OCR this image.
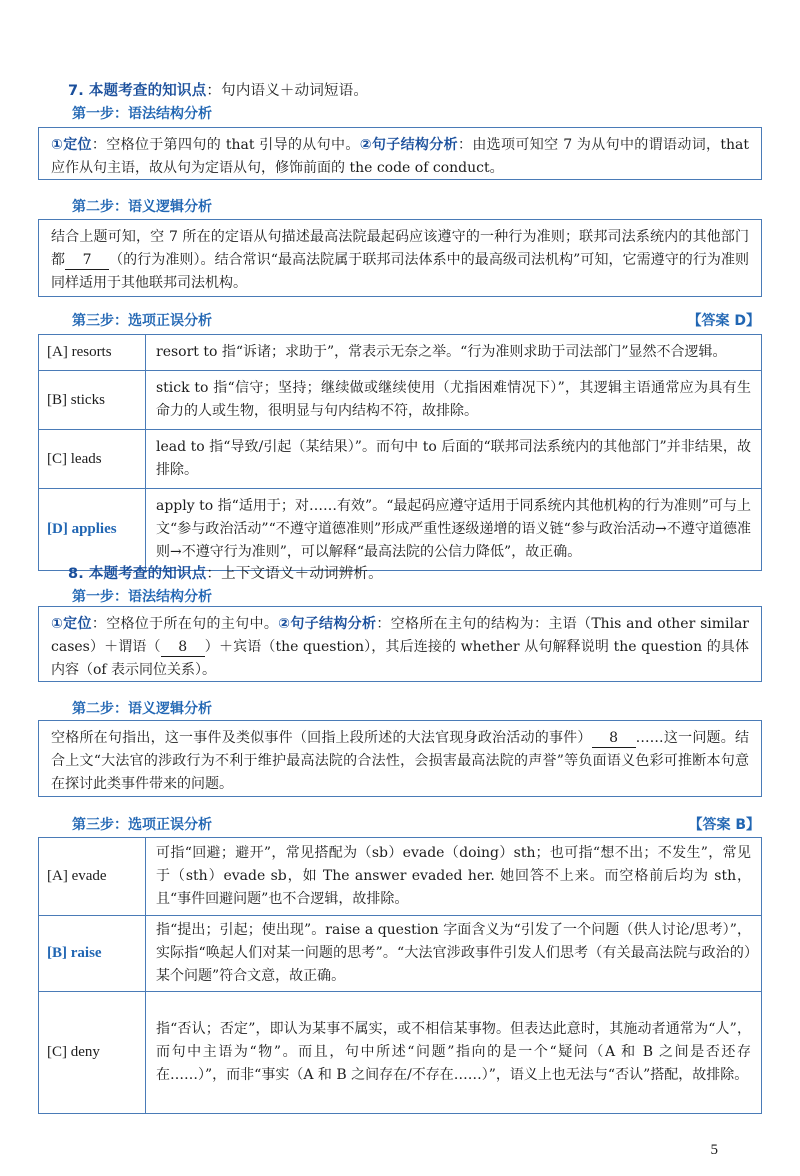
7. 本题考查的知识点：句内语义＋动词短语。
第一步：语法结构分析
①定位：空格位于第四句的 that 引导的从句中。②句子结构分析：由选项可知空 7 为从句中的谓语动词，that 应作从句主语，故从句为定语从句，修饰前面的 the code of conduct。
第二步：语义逻辑分析
结合上题可知，空 7 所在的定语从句描述最高法院最起码应该遵守的一种行为准则；联邦司法系统内的其他部门都 7 （的行为准则）。结合常识“最高法院属于联邦司法体系中的最高级司法机构”可知，它需遵守的行为准则同样适用于其他联邦司法机构。
第三步：选项正误分析	【答案 D】
[A] resorts	resort to 指“诉诸；求助于”，常表示无奈之举。“行为准则求助于司法部门”显然不合逻辑。
[B] sticks	stick to 指“信守；坚持；继续做或继续使用（尤指困难情况下）”，其逻辑主语通常应为具有生命力的人或生物，很明显与句内结构不符，故排除。
[C] leads	lead to 指“导致/引起（某结果）”。而句中 to 后面的“联邦司法系统内的其他部门”并非结果，故排除。
[D] applies	apply to 指“适用于；对……有效”。“最起码应遵守适用于同系统内其他机构的行为准则”可与上文“参与政治活动”“不遵守道德准则”形成严重性逐级递增的语义链“参与政治活动→不遵守道德准则→不遵守行为准则”，可以解释“最高法院的公信力降低”，故正确。
8. 本题考查的知识点：上下文语义＋动词辨析。
第一步：语法结构分析
①定位：空格位于所在句的主句中。②句子结构分析：空格所在主句的结构为：主语（This and other similar cases）＋谓语（ 8 ）＋宾语（the question），其后连接的 whether 从句解释说明 the question 的具体内容（of 表示同位关系）。
第二步：语义逻辑分析
空格所在句指出，这一事件及类似事件（回指上段所述的大法官现身政治活动的事件） 8 ……这一问题。结合上文“大法官的涉政行为不利于维护最高法院的合法性，会损害最高法院的声誉”等负面语义色彩可推断本句意在探讨此类事件带来的问题。
第三步：选项正误分析	【答案 B】
[A] evade	可指“回避；避开”，常见搭配为（sb）evade（doing）sth；也可指“想不出；不发生”，常见于（sth）evade sb，如 The answer evaded her. 她回答不上来。而空格前后均为 sth，且“事件回避问题”也不合逻辑，故排除。
[B] raise	指“提出；引起；使出现”。raise a question 字面含义为“引发了一个问题（供人讨论/思考）”，实际指“唤起人们对某一问题的思考”。“大法官涉政事件引发人们思考（有关最高法院与政治的）某个问题”符合文意，故正确。
[C] deny	指“否认；否定”，即认为某事不属实，或不相信某事物。但表达此意时，其施动者通常为“人”，而句中主语为“物”。而且，句中所述“问题”指向的是一个“疑问（A 和 B 之间是否还存在……）”，而非“事实（A 和 B 之间存在/不存在……）”，语义上也无法与“否认”搭配，故排除。
5
